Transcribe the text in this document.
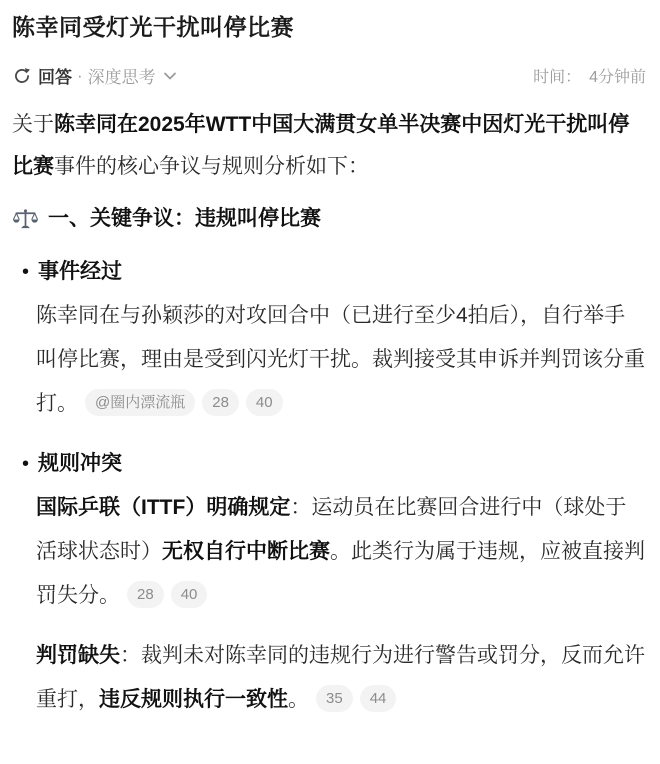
陈幸同受灯光干扰叫停比赛
回答 · 深度思考	时间： 4分钟前

关于陈幸同在2025年WTT中国大满贯女单半决赛中因灯光干扰叫停比赛事件的核心争议与规则分析如下：

一、关键争议：违规叫停比赛
• 事件经过

陈幸同在与孙颖莎的对攻回合中（已进行至少4拍后），自行举手叫停比赛，理由是受到闪光灯干扰。裁判接受其申诉并判罚该分重打。 @圈内漂流瓶 28 40

• 规则冲突

国际乒联（ITTF）明确规定：运动员在比赛回合进行中（球处于活球状态时）无权自行中断比赛。此类行为属于违规，应被直接判罚失分。 28 40

判罚缺失：裁判未对陈幸同的违规行为进行警告或罚分，反而允许重打，违反规则执行一致性。 35 44
